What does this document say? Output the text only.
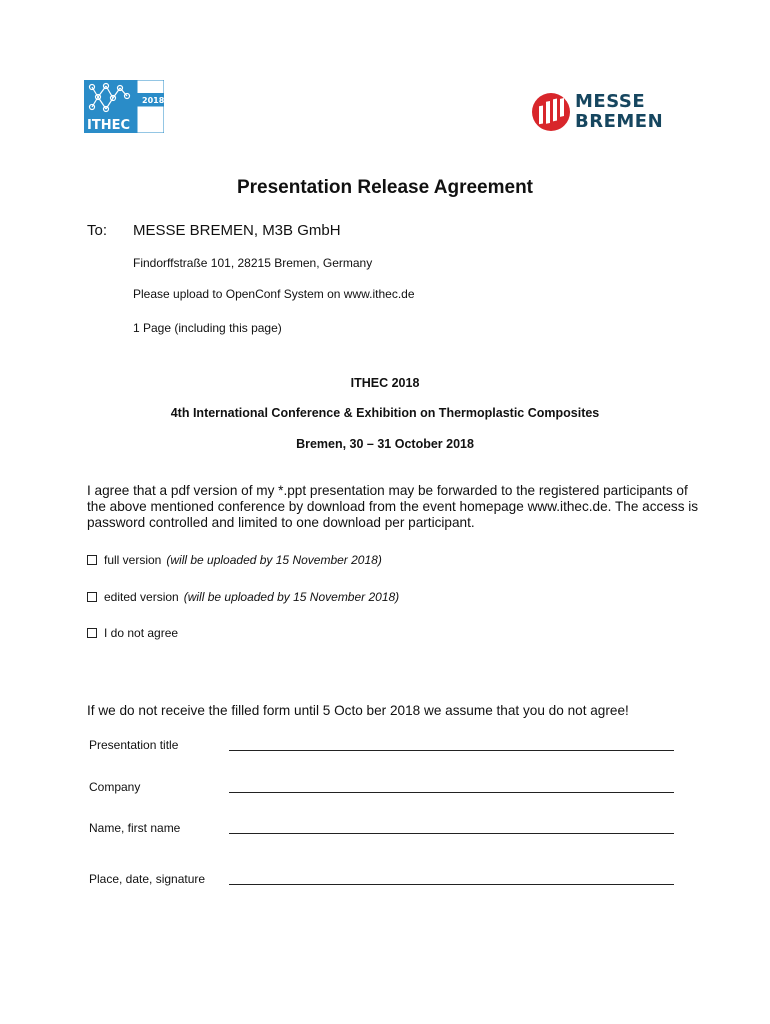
ITHEC
2018	MESSE
BREMEN
Presentation Release Agreement
To: MESSE BREMEN, M3B GmbH
Findorffstraße 101, 28215 Bremen, Germany
Please upload to OpenConf System on www.ithec.de
1 Page (including this page)
ITHEC 2018
4th International Conference & Exhibition on Thermoplastic Composites
Bremen, 30 – 31 October 2018
I agree that a pdf version of my *.ppt presentation may be forwarded to the registered participants of the above mentioned conference by download from the event homepage www.ithec.de. The access is password controlled and limited to one download per participant.
full version (will be uploaded by 15 November 2018)
edited version (will be uploaded by 15 November 2018)
I do not agree
If we do not receive the filled form until 5 Octo ber 2018 we assume that you do not agree!
Presentation title
Company
Name, first name
Place, date, signature
